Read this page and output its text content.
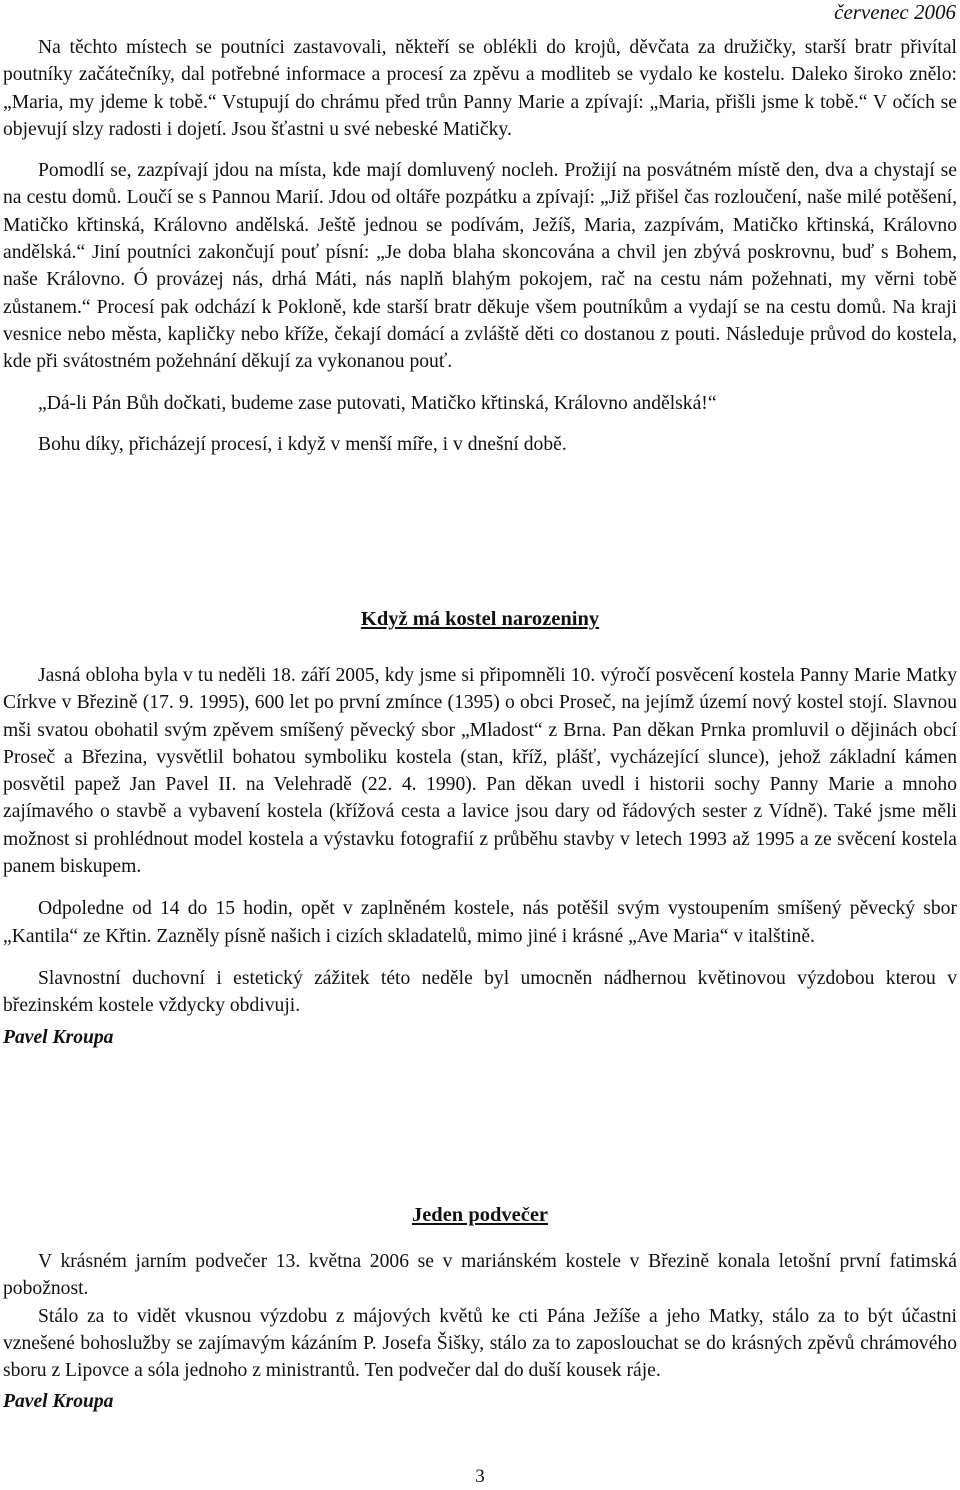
červenec 2006

Na těchto místech se poutníci zastavovali, někteří se oblékli do krojů, děvčata za družičky, starší bratr přivítal poutníky začátečníky, dal potřebné informace a procesí za zpěvu a modliteb se vydalo ke kostelu. Daleko široko znělo: „Maria, my jdeme k tobě.“ Vstupují do chrámu před trůn Panny Marie a zpívají: „Maria, přišli jsme k tobě.“ V očích se objevují slzy radosti i dojetí. Jsou šťastni u své nebeské Matičky.

Pomodlí se, zazpívají jdou na místa, kde mají domluvený nocleh. Prožijí na posvátném místě den, dva a chystají se na cestu domů. Loučí se s Pannou Marií. Jdou od oltáře pozpátku a zpívají: „Již přišel čas rozloučení, naše milé potěšení, Matičko křtinská, Královno andělská. Ještě jednou se podívám, Ježíš, Maria, zazpívám, Matičko křtinská, Královno andělská.“ Jiní poutníci zakončují pouť písní: „Je doba blaha skoncována a chvil jen zbývá poskrovnu, buď s Bohem, naše Královno. Ó provázej nás, drhá Máti, nás naplň blahým pokojem, rač na cestu nám požehnati, my věrni tobě zůstanem.“ Procesí pak odchází k Pokloně, kde starší bratr děkuje všem poutníkům a vydají se na cestu domů. Na kraji vesnice nebo města, kapličky nebo kříže, čekají domácí a zvláště děti co dostanou z pouti. Následuje průvod do kostela, kde při svátostném požehnání děkují za vykonanou pouť.

„Dá-li Pán Bůh dočkati, budeme zase putovati, Matičko křtinská, Královno andělská!“

Bohu díky, přicházejí procesí, i když v menší míře, i v dnešní době.

Když má kostel narozeniny

Jasná obloha byla v tu neděli 18. září 2005, kdy jsme si připomněli 10. výročí posvěcení kostela Panny Marie Matky Církve v Březině (17. 9. 1995), 600 let po první zmínce (1395) o obci Proseč, na jejímž území nový kostel stojí. Slavnou mši svatou obohatil svým zpěvem smíšený pěvecký sbor „Mladost“ z Brna. Pan děkan Prnka promluvil o dějinách obcí Proseč a Březina, vysvětlil bohatou symboliku kostela (stan, kříž, plášť, vycházející slunce), jehož základní kámen posvětil papež Jan Pavel II. na Velehradě (22. 4. 1990). Pan děkan uvedl i historii sochy Panny Marie a mnoho zajímavého o stavbě a vybavení kostela (křížová cesta a lavice jsou dary od řádových sester z Vídně). Také jsme měli možnost si prohlédnout model kostela a výstavku fotografií z průběhu stavby v letech 1993 až 1995 a ze svěcení kostela panem biskupem.

Odpoledne od 14 do 15 hodin, opět v zaplněném kostele, nás potěšil svým vystoupením smíšený pěvecký sbor „Kantila“ ze Křtin. Zazněly písně našich i cizích skladatelů, mimo jiné i krásné „Ave Maria“ v italštině.

Slavnostní duchovní i estetický zážitek této neděle byl umocněn nádhernou květinovou výzdobou kterou v březinském kostele vždycky obdivuji.

Pavel Kroupa

Jeden podvečer

V krásném jarním podvečer 13. května 2006 se v mariánském kostele v Březině konala letošní první fatimská pobožnost.

Stálo za to vidět vkusnou výzdobu z májových květů ke cti Pána Ježíše a jeho Matky, stálo za to být účastni vznešené bohoslužby se zajímavým kázáním P. Josefa Šišky, stálo za to zaposlouchat se do krásných zpěvů chrámového sboru z Lipovce a sóla jednoho z ministrantů. Ten podvečer dal do duší kousek ráje.

Pavel Kroupa

3
